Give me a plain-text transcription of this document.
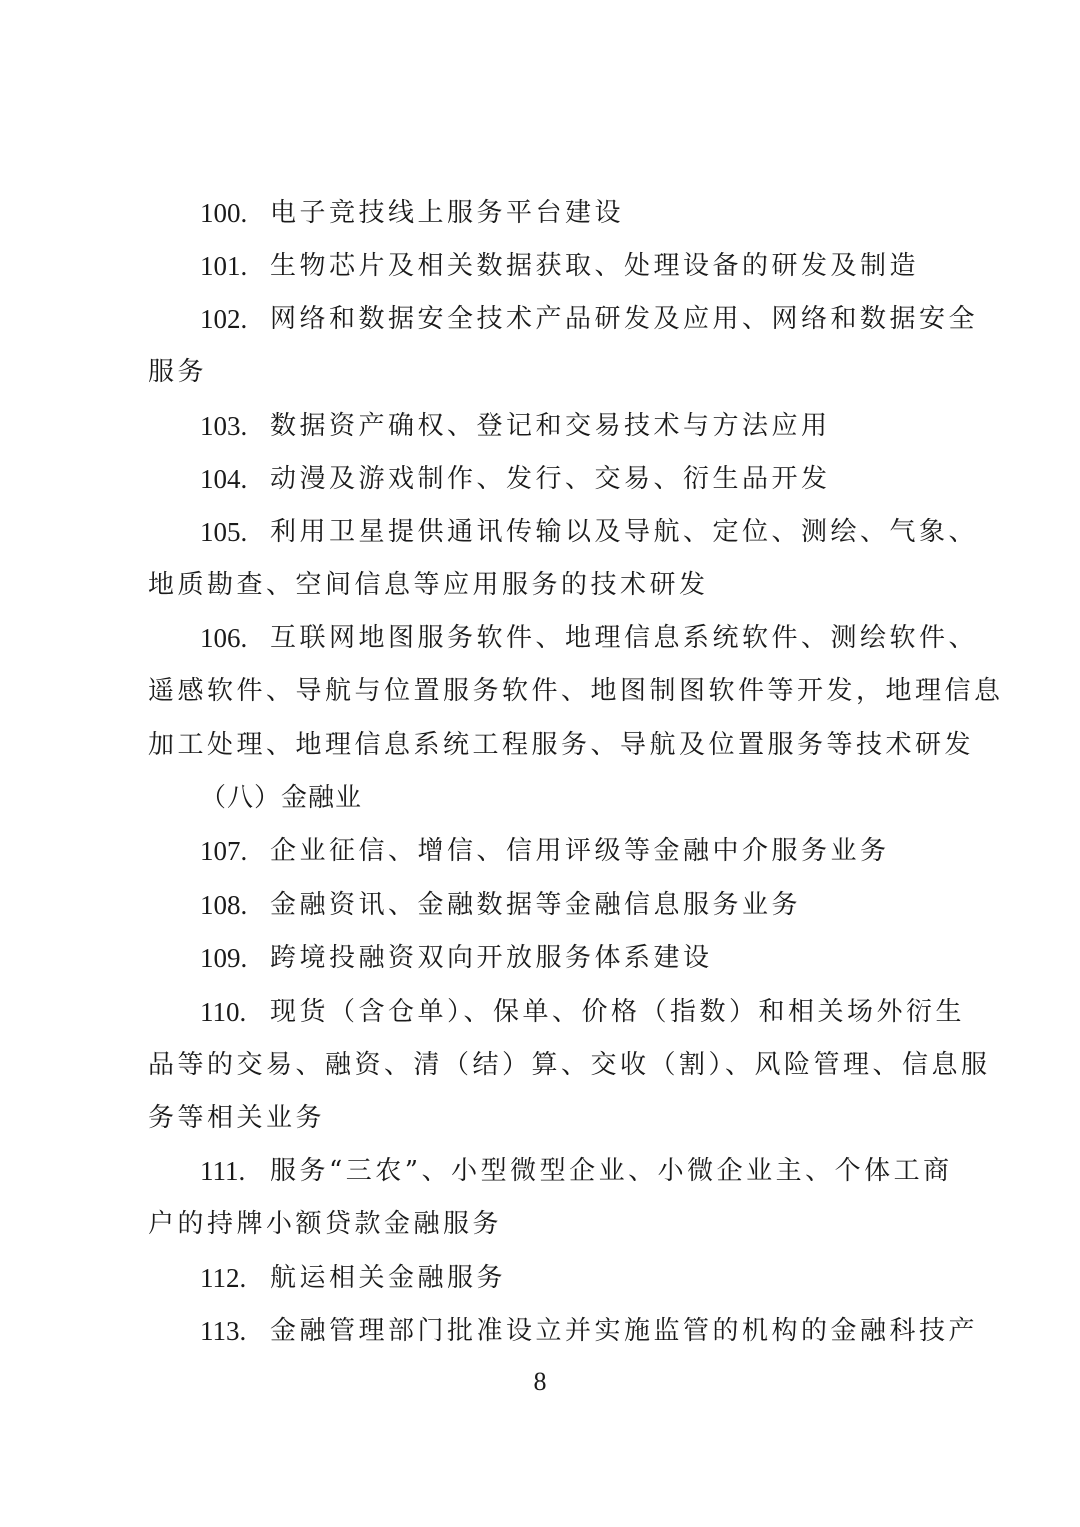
100. 电子竞技线上服务平台建设
101. 生物芯片及相关数据获取、处理设备的研发及制造
102. 网络和数据安全技术产品研发及应用、网络和数据安全
服务
103. 数据资产确权、登记和交易技术与方法应用
104. 动漫及游戏制作、发行、交易、衍生品开发
105. 利用卫星提供通讯传输以及导航、定位、测绘、气象、
地质勘查、空间信息等应用服务的技术研发
106. 互联网地图服务软件、地理信息系统软件、测绘软件、
遥感软件、导航与位置服务软件、地图制图软件等开发，地理信息
加工处理、地理信息系统工程服务、导航及位置服务等技术研发
（八）金融业
107. 企业征信、增信、信用评级等金融中介服务业务
108. 金融资讯、金融数据等金融信息服务业务
109. 跨境投融资双向开放服务体系建设
110. 现货（含仓单）、保单、价格（指数）和相关场外衍生
品等的交易、融资、清（结）算、交收（割）、风险管理、信息服
务等相关业务
111. 服务“三农”、小型微型企业、小微企业主、个体工商
户的持牌小额贷款金融服务
112. 航运相关金融服务
113. 金融管理部门批准设立并实施监管的机构的金融科技产
8
